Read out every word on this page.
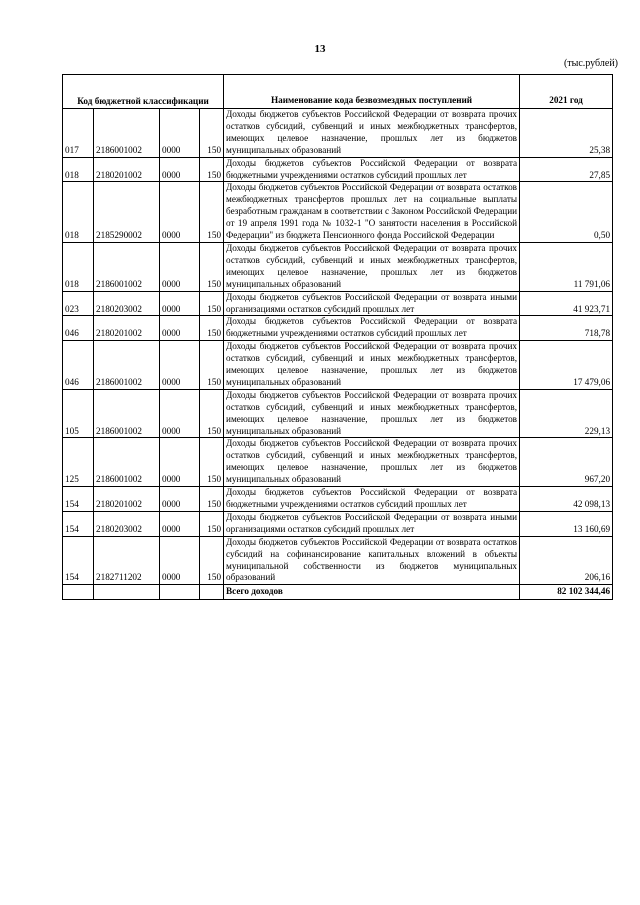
13
(тыс.рублей)
Код бюджетной классификации				Наименование кода безвозмездных поступлений	2021 год
017	2186001002	0000	150	Доходы бюджетов субъектов Российской Федерации от возврата прочих остатков субсидий, субвенций и иных межбюджетных трансфертов, имеющих целевое назначение, прошлых лет из бюджетов муниципальных образований	25,38
018	2180201002	0000	150	Доходы бюджетов субъектов Российской Федерации от возврата бюджетными учреждениями остатков субсидий прошлых лет	27,85
018	2185290002	0000	150	Доходы бюджетов субъектов Российской Федерации от возврата остатков межбюджетных трансфертов прошлых лет на социальные выплаты безработным гражданам в соответствии с Законом Российской Федерации от 19 апреля 1991 года № 1032-1 "О занятости населения в Российской Федерации" из бюджета Пенсионного фонда Российской Федерации	0,50
018	2186001002	0000	150	Доходы бюджетов субъектов Российской Федерации от возврата прочих остатков субсидий, субвенций и иных межбюджетных трансфертов, имеющих целевое назначение, прошлых лет из бюджетов муниципальных образований	11 791,06
023	2180203002	0000	150	Доходы бюджетов субъектов Российской Федерации от возврата иными организациями остатков субсидий прошлых лет	41 923,71
046	2180201002	0000	150	Доходы бюджетов субъектов Российской Федерации от возврата бюджетными учреждениями остатков субсидий прошлых лет	718,78
046	2186001002	0000	150	Доходы бюджетов субъектов Российской Федерации от возврата прочих остатков субсидий, субвенций и иных межбюджетных трансфертов, имеющих целевое назначение, прошлых лет из бюджетов муниципальных образований	17 479,06
105	2186001002	0000	150	Доходы бюджетов субъектов Российской Федерации от возврата прочих остатков субсидий, субвенций и иных межбюджетных трансфертов, имеющих целевое назначение, прошлых лет из бюджетов муниципальных образований	229,13
125	2186001002	0000	150	Доходы бюджетов субъектов Российской Федерации от возврата прочих остатков субсидий, субвенций и иных межбюджетных трансфертов, имеющих целевое назначение, прошлых лет из бюджетов муниципальных образований	967,20
154	2180201002	0000	150	Доходы бюджетов субъектов Российской Федерации от возврата бюджетными учреждениями остатков субсидий прошлых лет	42 098,13
154	2180203002	0000	150	Доходы бюджетов субъектов Российской Федерации от возврата иными организациями остатков субсидий прошлых лет	13 160,69
154	2182711202	0000	150	Доходы бюджетов субъектов Российской Федерации от возврата остатков субсидий на софинансирование капитальных вложений в объекты муниципальной собственности из бюджетов муниципальных образований	206,16
				Всего доходов	82 102 344,46
